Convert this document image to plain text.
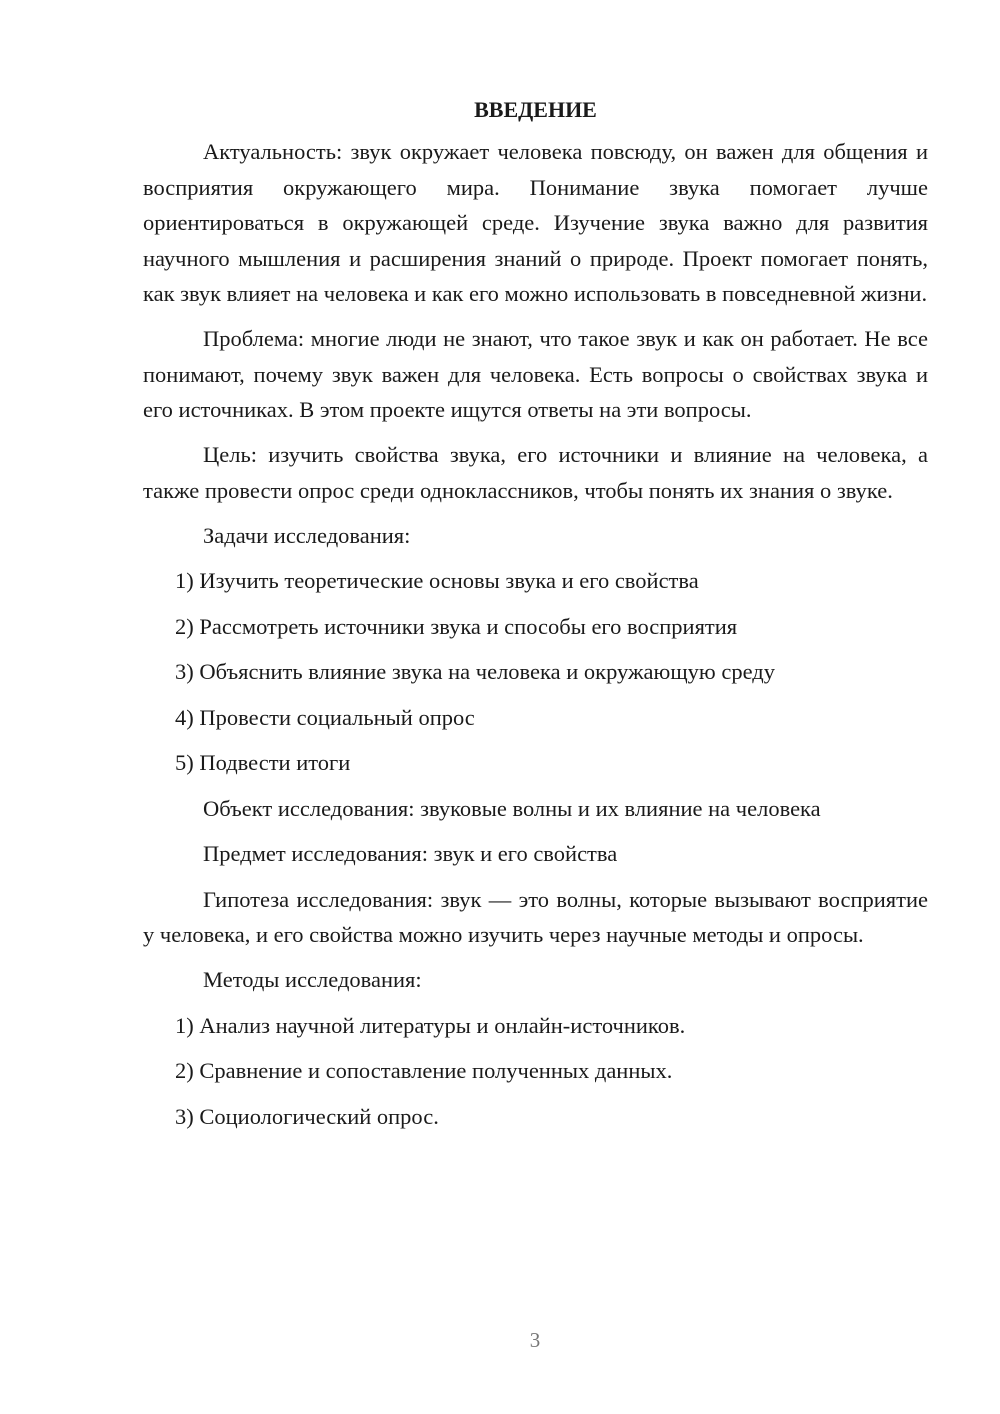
ВВЕДЕНИЕ

Актуальность: звук окружает человека повсюду, он важен для общения и восприятия окружающего мира. Понимание звука помогает лучше ориентироваться в окружающей среде. Изучение звука важно для развития научного мышления и расширения знаний о природе. Проект помогает понять, как звук влияет на человека и как его можно использовать в повседневной жизни.

Проблема: многие люди не знают, что такое звук и как он работает. Не все понимают, почему звук важен для человека. Есть вопросы о свойствах звука и его источниках. В этом проекте ищутся ответы на эти вопросы.

Цель: изучить свойства звука, его источники и влияние на человека, а также провести опрос среди одноклассников, чтобы понять их знания о звуке.

Задачи исследования:
1) Изучить теоретические основы звука и его свойства
2) Рассмотреть источники звука и способы его восприятия
3) Объяснить влияние звука на человека и окружающую среду
4) Провести социальный опрос
5) Подвести итоги
Объект исследования: звуковые волны и их влияние на человека
Предмет исследования: звук и его свойства

Гипотеза исследования: звук — это волны, которые вызывают восприятие у человека, и его свойства можно изучить через научные методы и опросы.

Методы исследования:
1) Анализ научной литературы и онлайн-источников.
2) Сравнение и сопоставление полученных данных.
3) Социологический опрос.
3
